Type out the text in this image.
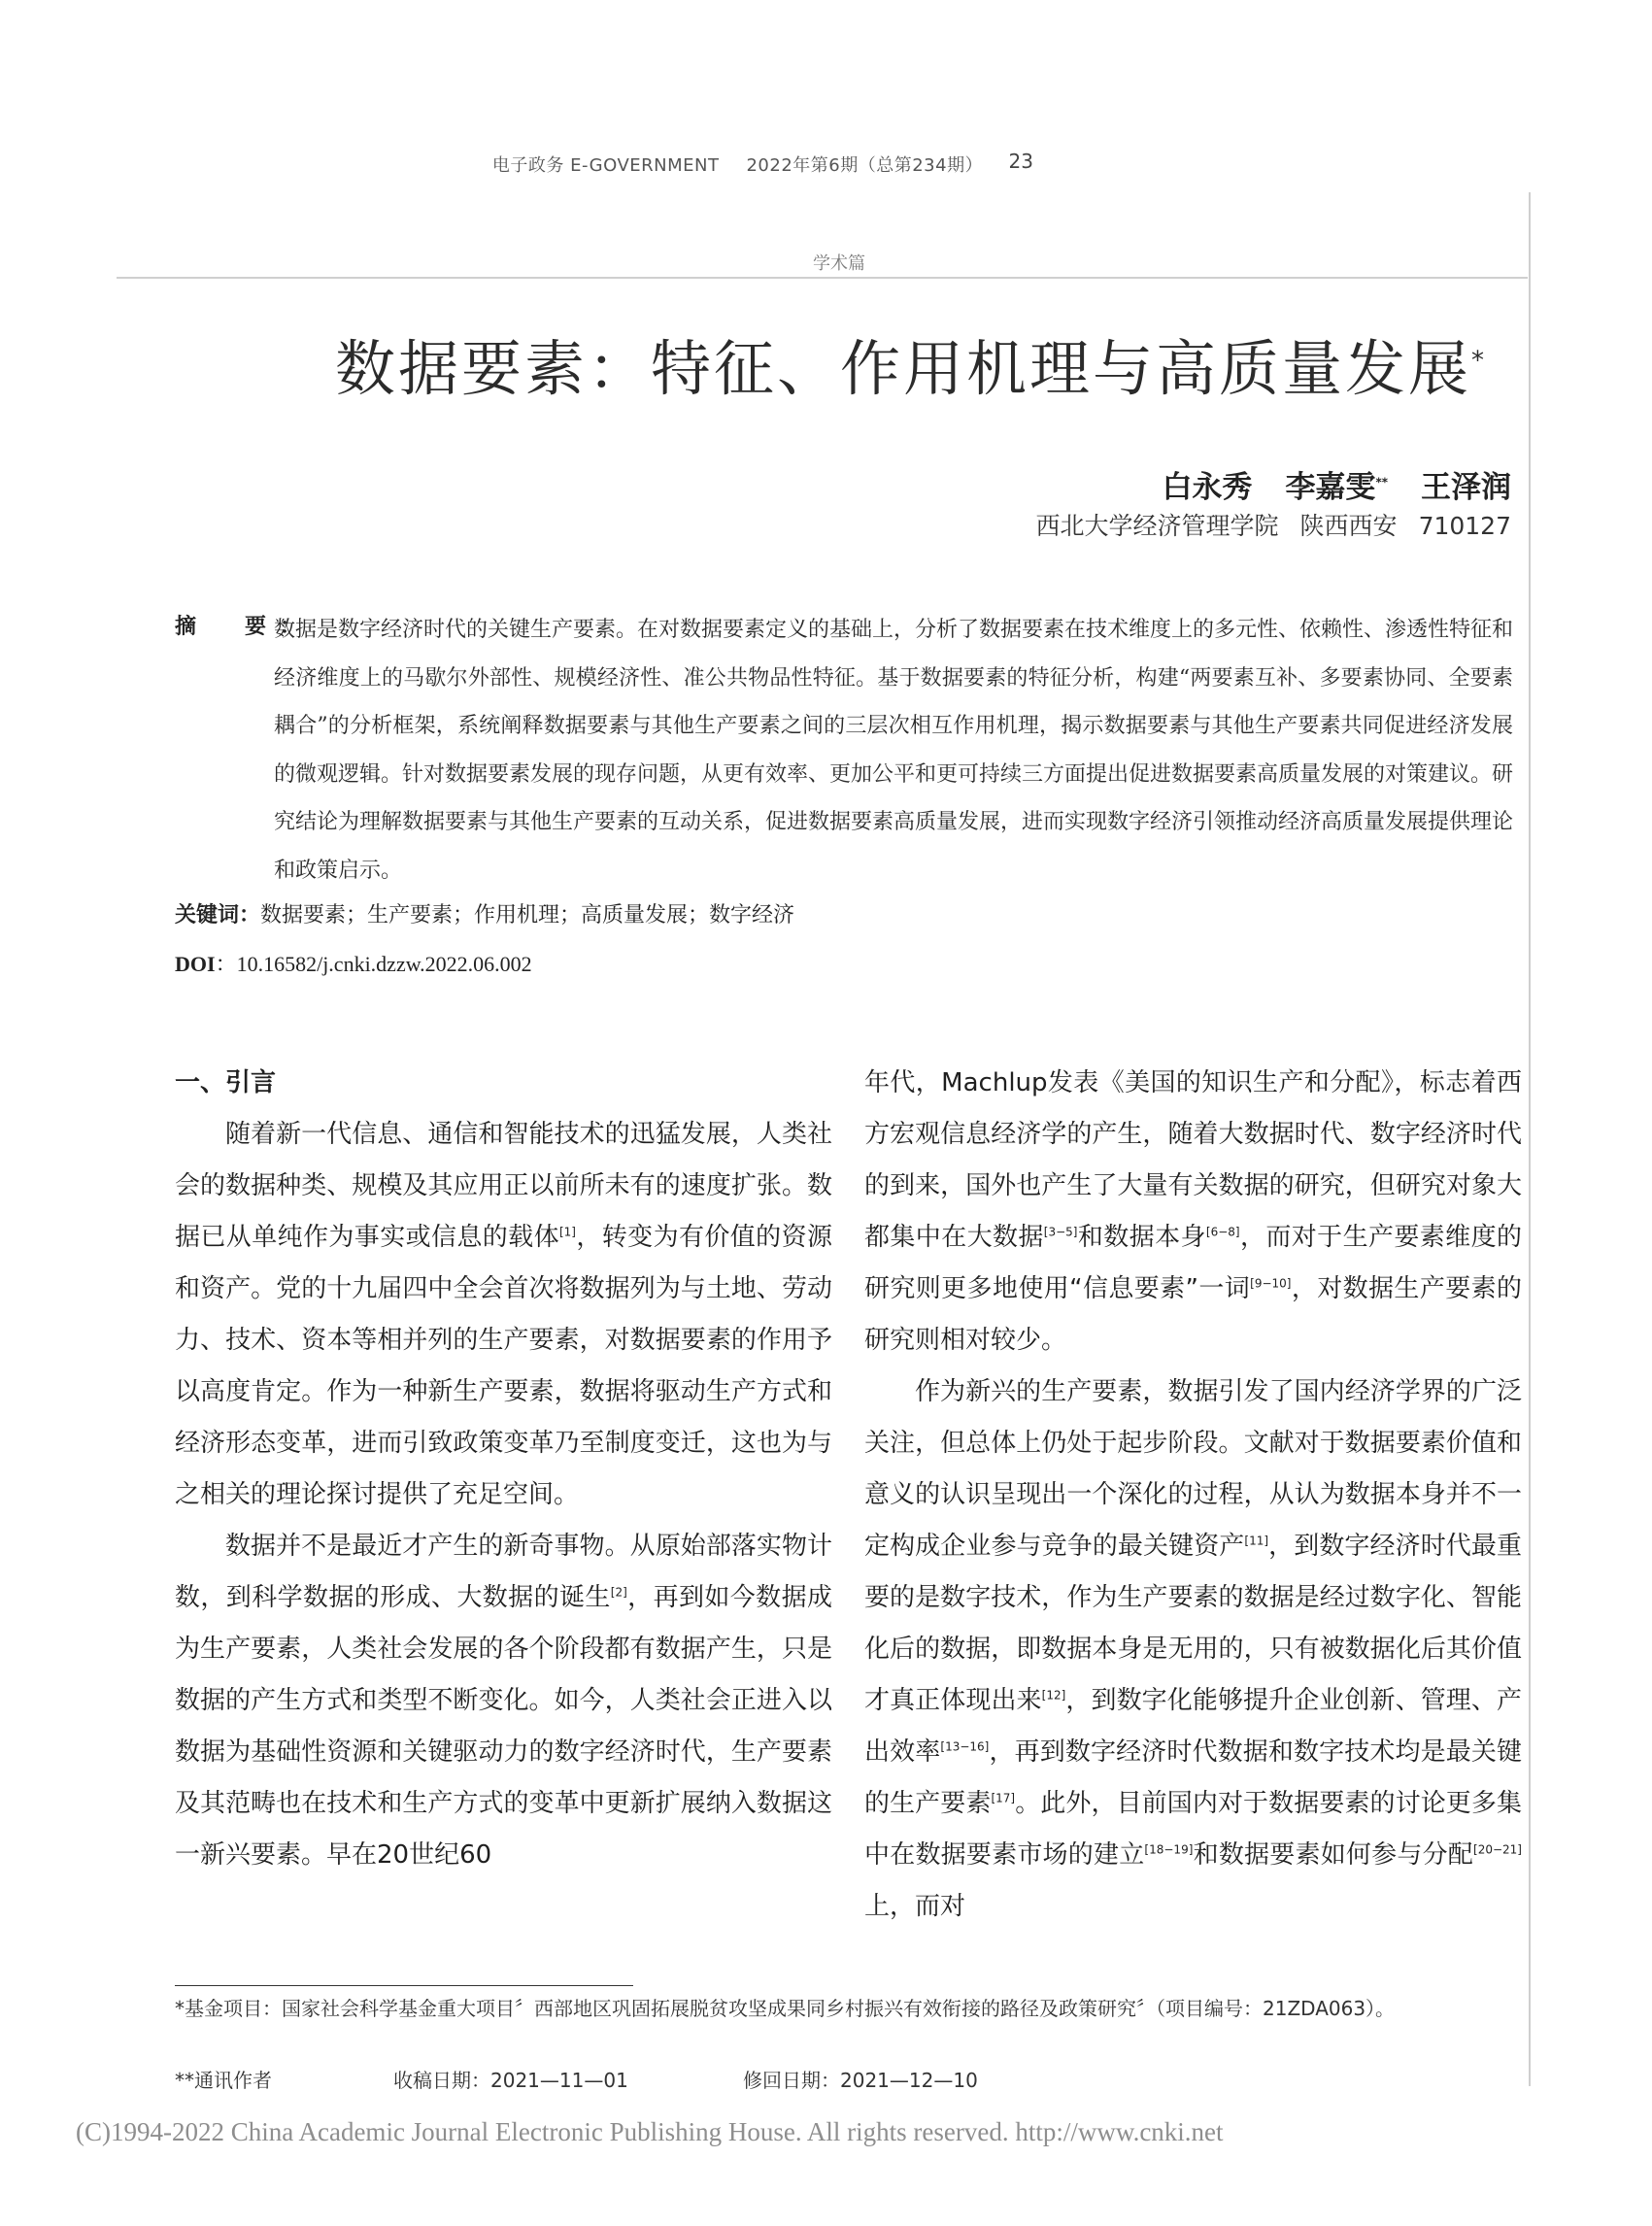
电子政务 E-GOVERNMENT 2022年第6期（总第234期）	23
学术篇
数据要素：特征、作用机理与高质量发展*
白永秀 李嘉雯** 王泽润
西北大学经济管理学院 陕西西安 710127
摘　要：
数据是数字经济时代的关键生产要素。在对数据要素定义的基础上，分析了数据要素在技术维度上的多元性、依赖性、渗透性特征和经济维度上的马歇尔外部性、规模经济性、准公共物品性特征。基于数据要素的特征分析，构建“两要素互补、多要素协同、全要素耦合”的分析框架，系统阐释数据要素与其他生产要素之间的三层次相互作用机理，揭示数据要素与其他生产要素共同促进经济发展的微观逻辑。针对数据要素发展的现存问题，从更有效率、更加公平和更可持续三方面提出促进数据要素高质量发展的对策建议。研究结论为理解数据要素与其他生产要素的互动关系，促进数据要素高质量发展，进而实现数字经济引领推动经济高质量发展提供理论和政策启示。
关键词：数据要素；生产要素；作用机理；高质量发展；数字经济
DOI：10.16582/j.cnki.dzzw.2022.06.002
一、引言

随着新一代信息、通信和智能技术的迅猛发展，人类社会的数据种类、规模及其应用正以前所未有的速度扩张。数据已从单纯作为事实或信息的载体[1]，转变为有价值的资源和资产。党的十九届四中全会首次将数据列为与土地、劳动力、技术、资本等相并列的生产要素，对数据要素的作用予以高度肯定。作为一种新生产要素，数据将驱动生产方式和经济形态变革，进而引致政策变革乃至制度变迁，这也为与之相关的理论探讨提供了充足空间。

数据并不是最近才产生的新奇事物。从原始部落实物计数，到科学数据的形成、大数据的诞生[2]，再到如今数据成为生产要素，人类社会发展的各个阶段都有数据产生，只是数据的产生方式和类型不断变化。如今，人类社会正进入以数据为基础性资源和关键驱动力的数字经济时代，生产要素及其范畴也在技术和生产方式的变革中更新扩展纳入数据这一新兴要素。早在20世纪60

年代，Machlup发表《美国的知识生产和分配》，标志着西方宏观信息经济学的产生，随着大数据时代、数字经济时代的到来，国外也产生了大量有关数据的研究，但研究对象大都集中在大数据[3−5]和数据本身[6−8]，而对于生产要素维度的研究则更多地使用“信息要素”一词[9−10]，对数据生产要素的研究则相对较少。

作为新兴的生产要素，数据引发了国内经济学界的广泛关注，但总体上仍处于起步阶段。文献对于数据要素价值和意义的认识呈现出一个深化的过程，从认为数据本身并不一定构成企业参与竞争的最关键资产[11]，到数字经济时代最重要的是数字技术，作为生产要素的数据是经过数字化、智能化后的数据，即数据本身是无用的，只有被数据化后其价值才真正体现出来[12]，到数字化能够提升企业创新、管理、产出效率[13−16]，再到数字经济时代数据和数字技术均是最关键的生产要素[17]。此外，目前国内对于数据要素的讨论更多集中在数据要素市场的建立[18−19]和数据要素如何参与分配[20−21]上，而对

*基金项目：国家社会科学基金重大项目〞西部地区巩固拓展脱贫攻坚成果同乡村振兴有效衔接的路径及政策研究〞（项目编号：21ZDA063）。
**通讯作者	收稿日期：2021—11—01	修回日期：2021—12—10
(C)1994-2022 China Academic Journal Electronic Publishing House. All rights reserved. http://www.cnki.net
